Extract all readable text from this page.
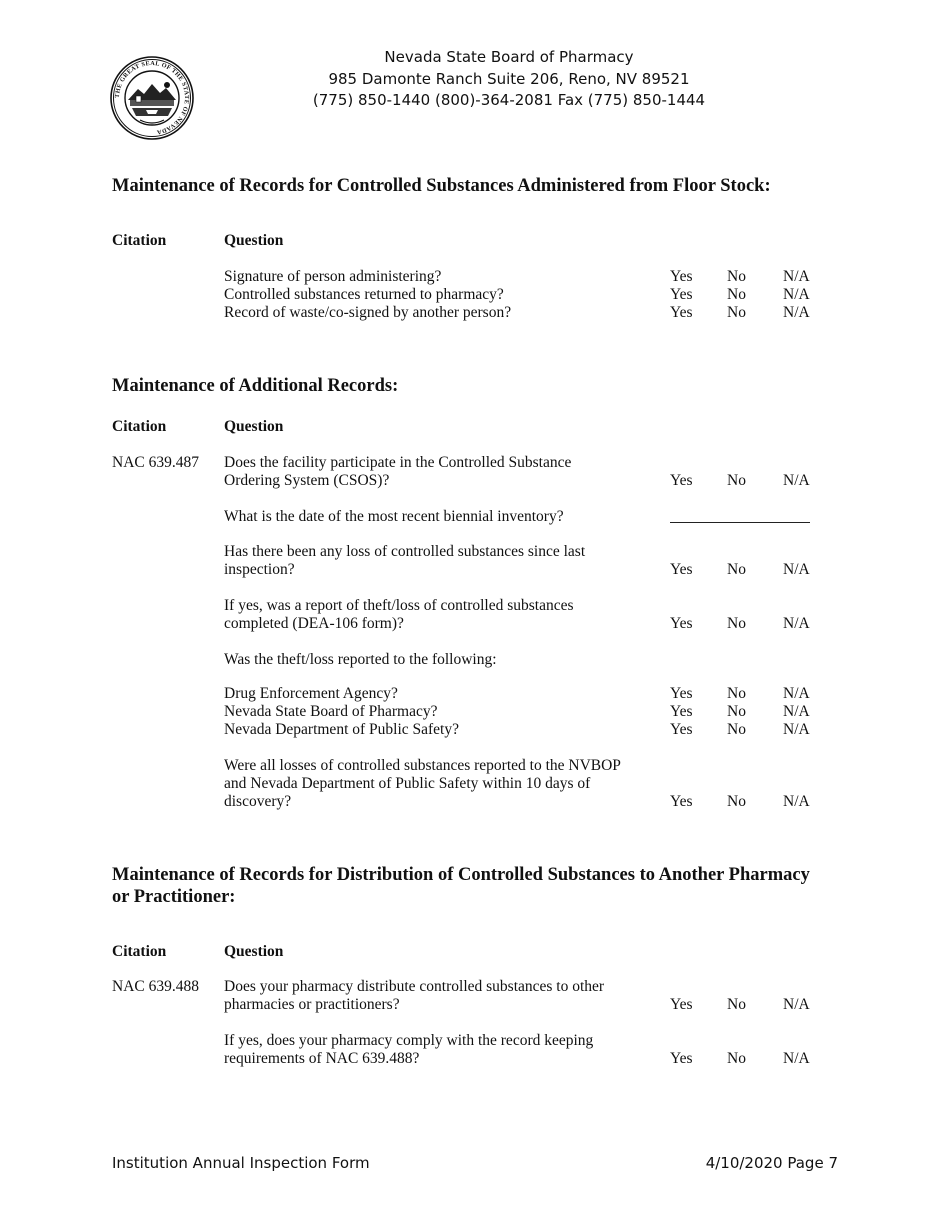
THE GREAT SEAL OF THE STATE OF NEVADA
Nevada State Board of Pharmacy
985 Damonte Ranch Suite 206, Reno, NV 89521
(775) 850-1440 (800)-364-2081 Fax (775) 850-1444
Maintenance of Records for Controlled Substances Administered from Floor Stock:
Citation	Question
Signature of person administering?	Yes No N/A
Controlled substances returned to pharmacy?	Yes No N/A
Record of waste/co-signed by another person?	Yes No N/A
Maintenance of Additional Records:
Citation	Question
NAC 639.487 Does the facility participate in the Controlled Substance
Ordering System (CSOS)?	Yes No N/A
What is the date of the most recent biennial inventory?
Has there been any loss of controlled substances since last
inspection?	Yes No N/A
If yes, was a report of theft/loss of controlled substances
completed (DEA-106 form)?	Yes No N/A
Was the theft/loss reported to the following:
Drug Enforcement Agency?	Yes No N/A
Nevada State Board of Pharmacy?	Yes No N/A
Nevada Department of Public Safety?	Yes No N/A
Were all losses of controlled substances reported to the NVBOP
and Nevada Department of Public Safety within 10 days of
discovery?	Yes No N/A
Maintenance of Records for Distribution of Controlled Substances to Another Pharmacy
or Practitioner:
Citation	Question
NAC 639.488 Does your pharmacy distribute controlled substances to other
pharmacies or practitioners?	Yes No N/A
If yes, does your pharmacy comply with the record keeping
requirements of NAC 639.488?	Yes No N/A
Institution Annual Inspection Form	4/10/2020 Page 7
